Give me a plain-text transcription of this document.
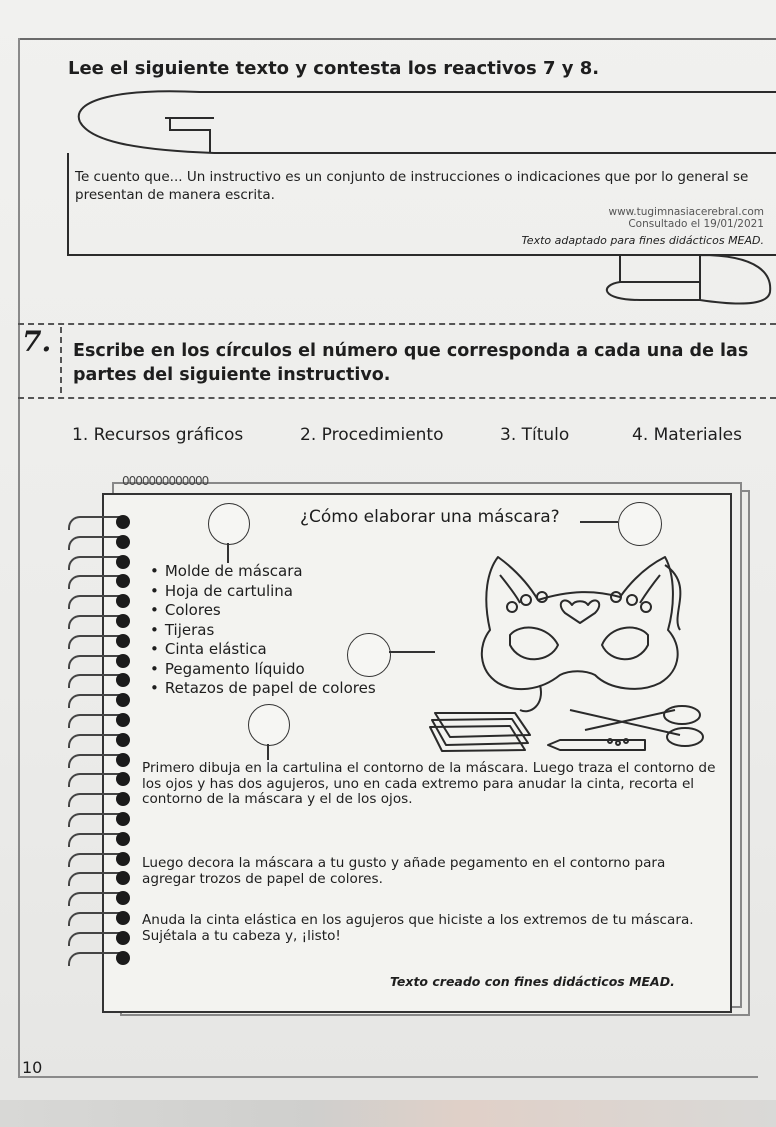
Lee el siguiente texto y contesta los reactivos 7 y 8.
Te cuento que... Un instructivo es un conjunto de instrucciones o indicaciones que por lo general se presentan de manera escrita.
www.tugimnasiacerebral.com
Consultado el 19/01/2021
Texto adaptado para fines didácticos MEAD.
7. Escribe en los círculos el número que corresponda a cada una de las partes del siguiente instructivo.
1. Recursos gráficos	2. Procedimiento	3. Título	4. Materiales
0000000000000
¿Cómo elaborar una máscara?
• Molde de máscara
• Hoja de cartulina
• Colores
• Tijeras
• Cinta elástica
• Pegamento líquido
• Retazos de papel de colores
Primero dibuja en la cartulina el contorno de la máscara. Luego traza el contorno de los ojos y has dos agujeros, uno en cada extremo para anudar la cinta, recorta el contorno de la máscara y el de los ojos.
Luego decora la máscara a tu gusto y añade pegamento en el contorno para agregar trozos de papel de colores.
Anuda la cinta elástica en los agujeros que hiciste a los extremos de tu máscara. Sujétala a tu cabeza y, ¡listo!
Texto creado con fines didácticos MEAD.
10
